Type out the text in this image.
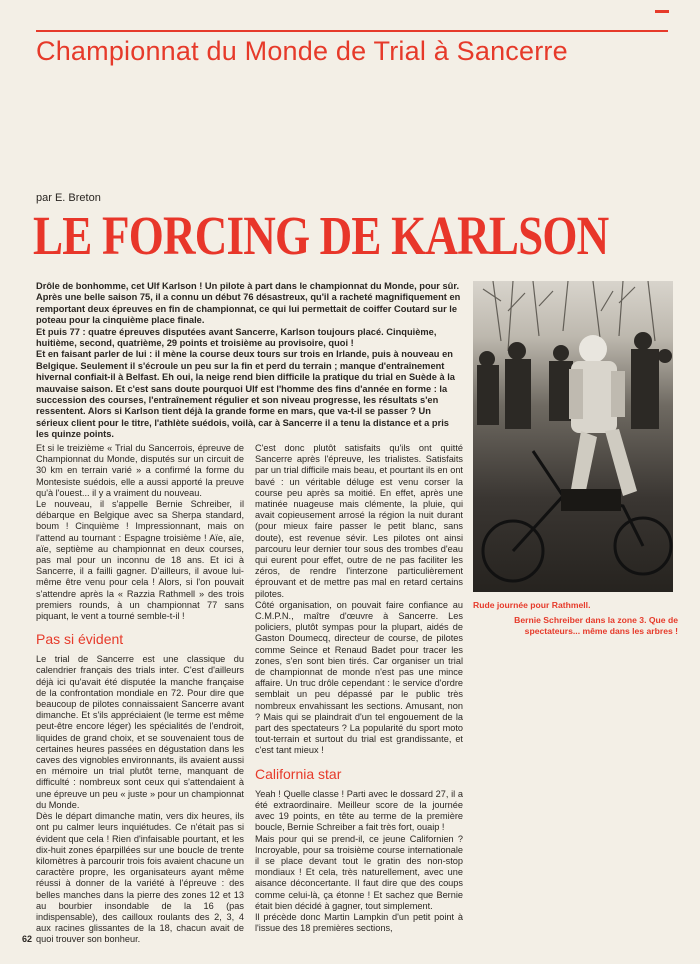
Championnat du Monde de Trial à Sancerre
par E. Breton
LE FORCING DE KARLSON

Drôle de bonhomme, cet Ulf Karlson ! Un pilote à part dans le championnat du Monde, pour sûr. Après une belle saison 75, il a connu un début 76 désastreux, qu'il a racheté magnifiquement en remportant deux épreuves en fin de championnat, ce qui lui permettait de coiffer Coutard sur le poteau pour la cinquième place finale.

Et puis 77 : quatre épreuves disputées avant Sancerre, Karlson toujours placé. Cinquième, huitième, second, quatrième, 29 points et troisième au provisoire, quoi !

Et en faisant parler de lui : il mène la course deux tours sur trois en Irlande, puis à nouveau en Belgique. Seulement il s'écroule un peu sur la fin et perd du terrain ; manque d'entraînement hivernal confiait-il à Belfast. Eh oui, la neige rend bien difficile la pratique du trial en Suède à la mauvaise saison. Et c'est sans doute pourquoi Ulf est l'homme des fins d'année en forme : la succession des courses, l'entraînement régulier et son niveau progresse, les résultats s'en ressentent. Alors si Karlson tient déjà la grande forme en mars, que va-t-il se passer ? Un sérieux client pour le titre, l'athlète suédois, voilà, car à Sancerre il a tenu la distance et a pris les quinze points.

Rude journée pour Rathmell.
Bernie Schreiber dans la zone 3. Que de spectateurs... même dans les arbres !

Et si le treizième « Trial du Sancerrois, épreuve de Championnat du Monde, disputés sur un circuit de 30 km en terrain varié » a confirmé la forme du Montesiste suédois, elle a aussi apporté la preuve qu'à l'ouest... il y a vraiment du nouveau.

Le nouveau, il s'appelle Bernie Schreiber, il débarque en Belgique avec sa Sherpa standard, boum ! Cinquième ! Impressionnant, mais on l'attend au tournant : Espagne troisième ! Aïe, aïe, aïe, septième au championnat en deux courses, pas mal pour un inconnu de 18 ans. Et ici à Sancerre, il a failli gagner. D'ailleurs, il avoue lui-même être venu pour cela ! Alors, si l'on pouvait s'attendre après la « Razzia Rathmell » des trois premiers rounds, à un championnat 77 sans piquant, le vent a tourné semble-t-il !

Pas si évident

Le trial de Sancerre est une classique du calendrier français des trials inter. C'est d'ailleurs déjà ici qu'avait été disputée la manche française de la confrontation mondiale en 72. Pour dire que beaucoup de pilotes connaissaient Sancerre avant dimanche. Et s'ils appréciaient (le terme est même peut-être encore léger) les spécialités de l'endroit, liquides de grand choix, et se souvenaient tous de certaines heures passées en dégustation dans les caves des vignobles environnants, ils avaient aussi en mémoire un trial plutôt terne, manquant de difficulté : nombreux sont ceux qui s'attendaient à une épreuve un peu « juste » pour un championnat du Monde.

Dès le départ dimanche matin, vers dix heures, ils ont pu calmer leurs inquiétudes. Ce n'était pas si évident que cela ! Rien d'infaisable pourtant, et les dix-huit zones éparpillées sur une boucle de trente kilomètres à parcourir trois fois avaient chacune un caractère propre, les organisateurs ayant même réussi à donner de la variété à l'épreuve : des belles manches dans la pierre des zones 12 et 13 au bourbier insondable de la 16 (pas indispensable), des cailloux roulants des 2, 3, 4 aux racines glissantes de la 18, chacun avait de quoi trouver son bonheur.

C'est donc plutôt satisfaits qu'ils ont quitté Sancerre après l'épreuve, les trialistes. Satisfaits par un trial difficile mais beau, et pourtant ils en ont bavé : un véritable déluge est venu corser la course peu après sa moitié. En effet, après une matinée nuageuse mais clémente, la pluie, qui avait copieusement arrosé la région la nuit durant (pour mieux faire passer le petit blanc, sans doute), est revenue sévir. Les pilotes ont ainsi parcouru leur dernier tour sous des trombes d'eau qui eurent pour effet, outre de ne pas faciliter les zéros, de rendre l'interzone particulièrement éprouvant et de mettre pas mal en retard certains pilotes.

Côté organisation, on pouvait faire confiance au C.M.P.N., maître d'œuvre à Sancerre. Les policiers, plutôt sympas pour la plupart, aidés de Gaston Doumecq, directeur de course, de pilotes comme Seince et Renaud Badet pour tracer les zones, s'en sont bien tirés. Car organiser un trial de championnat de monde n'est pas une mince affaire. Un truc drôle cependant : le service d'ordre semblait un peu dépassé par le public très nombreux envahissant les sections. Amusant, non ? Mais qui se plaindrait d'un tel engouement de la part des spectateurs ? La popularité du sport moto tout-terrain et surtout du trial est grandissante, et c'est tant mieux !

California star

Yeah ! Quelle classe ! Parti avec le dossard 27, il a été extraordinaire. Meilleur score de la journée avec 19 points, en tête au terme de la première boucle, Bernie Schreiber a fait très fort, ouaip !

Mais pour qui se prend-il, ce jeune Californien ? Incroyable, pour sa troisième course internationale il se place devant tout le gratin des non-stop mondiaux ! Et cela, très naturellement, avec une aisance déconcertante. Il faut dire que des coups comme celui-là, ça étonne ! Et sachez que Bernie était bien décidé à gagner, tout simplement.

Il précède donc Martin Lampkin d'un petit point à l'issue des 18 premières sections,

62
